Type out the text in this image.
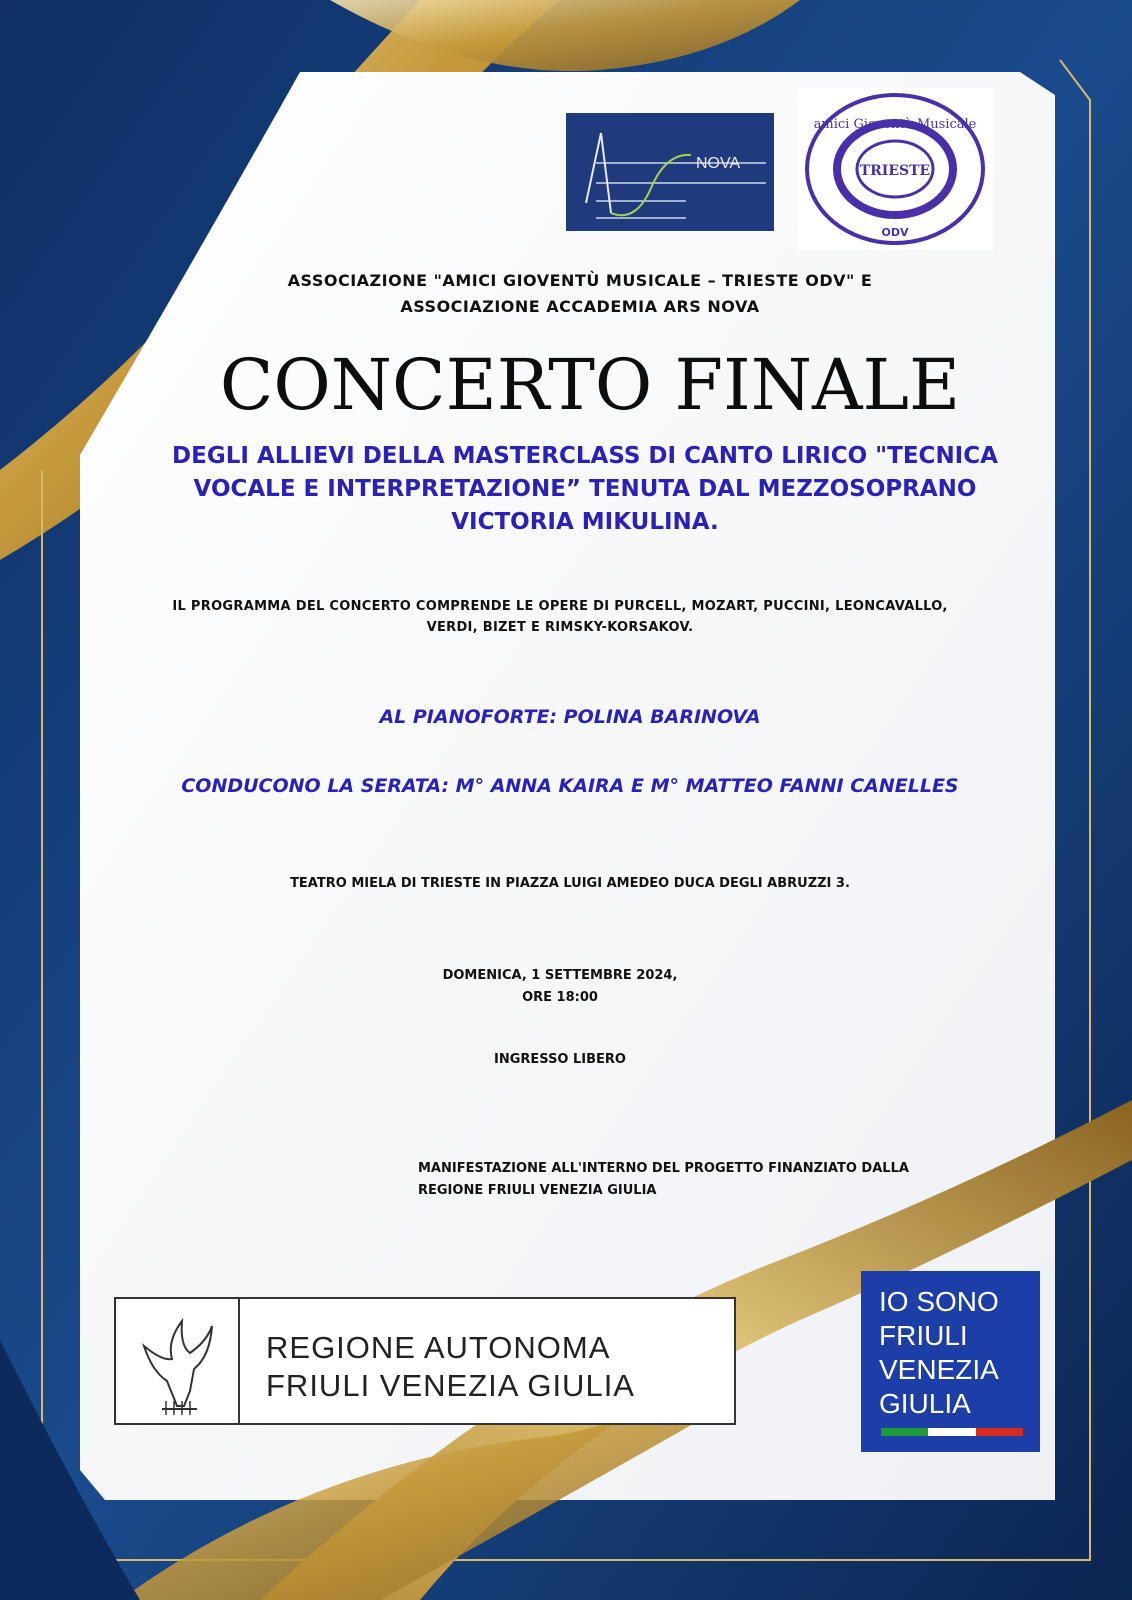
NOVA
amici Gioventù Musicale
TRIESTE
ODV
ASSOCIAZIONE "AMICI GIOVENTÙ MUSICALE – TRIESTE ODV" E
ASSOCIAZIONE ACCADEMIA ARS NOVA
CONCERTO FINALE
DEGLI ALLIEVI DELLA MASTERCLASS DI CANTO LIRICO "TECNICA
VOCALE E INTERPRETAZIONE” TENUTA DAL MEZZOSOPRANO
VICTORIA MIKULINA.
IL PROGRAMMA DEL CONCERTO COMPRENDE LE OPERE DI PURCELL, MOZART, PUCCINI, LEONCAVALLO,
VERDI, BIZET E RIMSKY-KORSAKOV.
AL PIANOFORTE: POLINA BARINOVA
CONDUCONO LA SERATA: M° ANNA KAIRA E M° MATTEO FANNI CANELLES
TEATRO MIELA DI TRIESTE IN PIAZZA LUIGI AMEDEO DUCA DEGLI ABRUZZI 3.
DOMENICA, 1 SETTEMBRE 2024,
ORE 18:00
INGRESSO LIBERO
MANIFESTAZIONE ALL'INTERNO DEL PROGETTO FINANZIATO DALLA
REGIONE FRIULI VENEZIA GIULIA
REGIONE AUTONOMA
FRIULI VENEZIA GIULIA
IO SONO
FRIULI
VENEZIA
GIULIA
